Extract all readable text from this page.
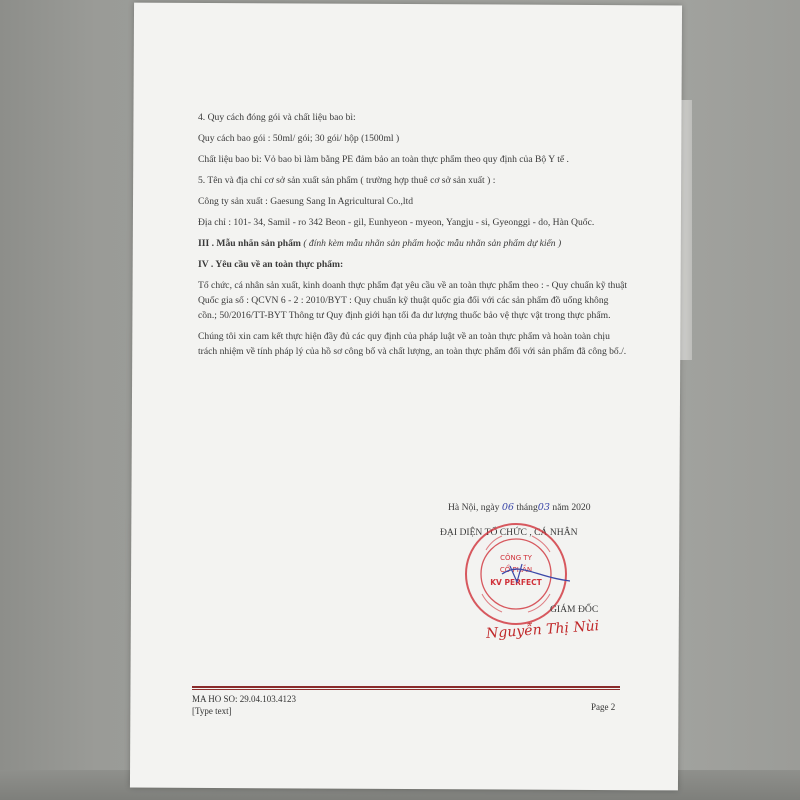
4. Quy cách đóng gói và chất liệu bao bì:

Quy cách bao gói : 50ml/ gói; 30 gói/ hộp (1500ml )

Chất liệu bao bì: Vỏ bao bì làm bằng PE đảm bảo an toàn thực phẩm theo quy định của Bộ Y tế .

5. Tên và địa chỉ cơ sở sản xuất sản phẩm ( trường hợp thuê cơ sở sản xuất ) :

Công ty sản xuất : Gaesung Sang In Agricultural Co.,ltd

Địa chỉ : 101- 34, Samil - ro 342 Beon - gil, Eunhyeon - myeon, Yangju - si, Gyeonggi - do, Hàn Quốc.

III . Mẫu nhãn sản phẩm ( đính kèm mẫu nhãn sản phẩm hoặc mẫu nhãn sản phẩm dự kiến )

IV . Yêu cầu về an toàn thực phẩm:

Tổ chức, cá nhân sản xuất, kinh doanh thực phẩm đạt yêu cầu về an toàn thực phẩm theo : - Quy chuẩn kỹ thuật Quốc gia số : QCVN 6 - 2 : 2010/BYT : Quy chuẩn kỹ thuật quốc gia đối với các sản phẩm đồ uống không cồn.; 50/2016/TT-BYT Thông tư Quy định giới hạn tối đa dư lượng thuốc bảo vệ thực vật trong thực phẩm.

Chúng tôi xin cam kết thực hiện đầy đủ các quy định của pháp luật về an toàn thực phẩm và hoàn toàn chịu trách nhiệm về tính pháp lý của hồ sơ công bố và chất lượng, an toàn thực phẩm đối với sản phẩm đã công bố./.

Hà Nội, ngày 06 tháng03 năm 2020
ĐẠI DIỆN TỔ CHỨC , CÁ NHÂN
CÔNG TY
CỔ PHẦN
KV PERFECT
GIÁM ĐỐC
Nguyễn Thị Nùi
MA HO SO: 29.04.103.4123
[Type text]	Page 2
